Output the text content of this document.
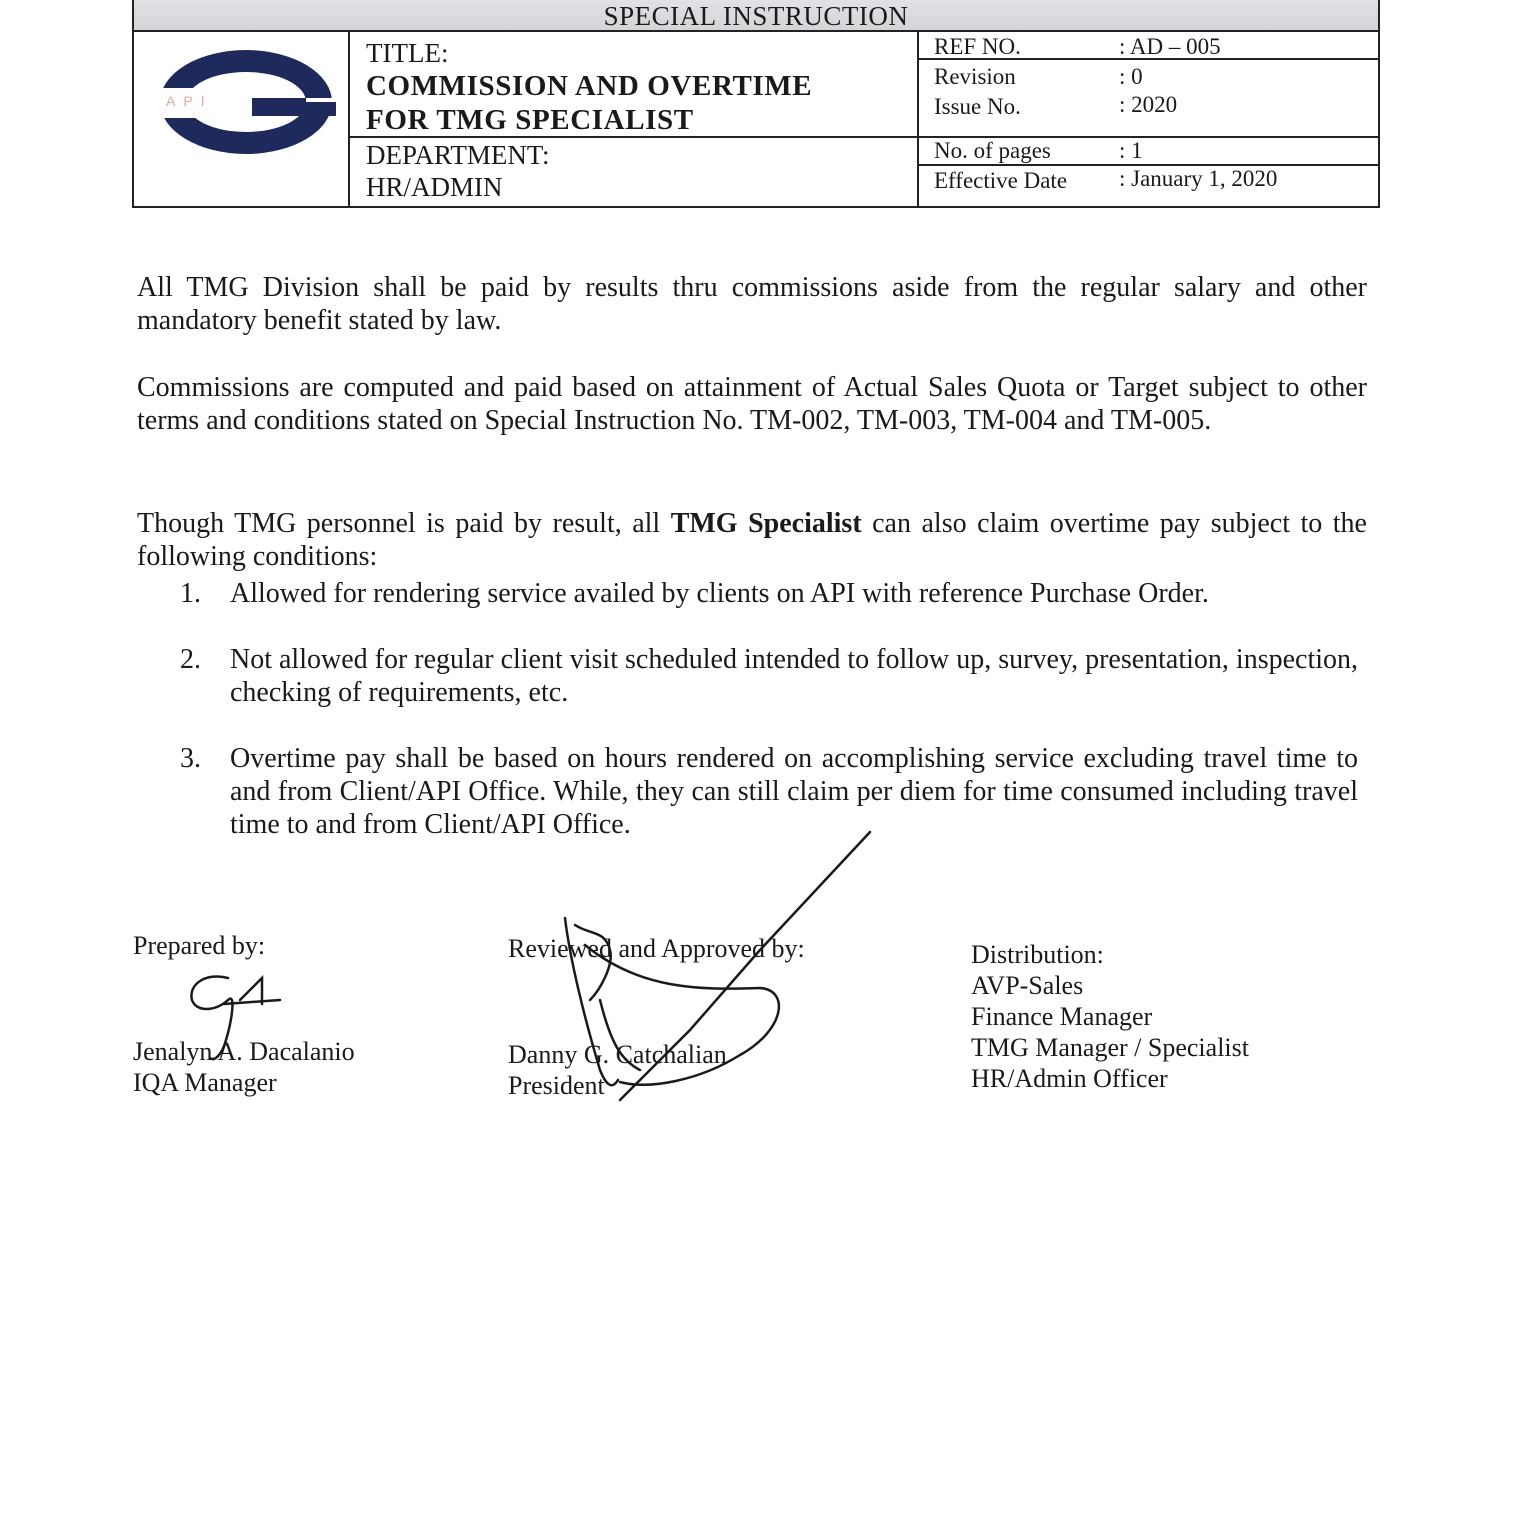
SPECIAL INSTRUCTION
API
TITLE:
COMMISSION AND OVERTIME
FOR TMG SPECIALIST
DEPARTMENT:
HR/ADMIN
REF NO.	: AD – 005
Revision	: 0
Issue No.	: 2020
No. of pages	: 1
Effective Date : January 1, 2020
All TMG Division shall be paid by results thru commissions aside from the regular salary and other mandatory benefit stated by law.
Commissions are computed and paid based on attainment of Actual Sales Quota or Target subject to other terms and conditions stated on Special Instruction No. TM-002, TM-003, TM-004 and TM-005.
Though TMG personnel is paid by result, all TMG Specialist can also claim overtime pay subject to the following conditions:
1.	Allowed for rendering service availed by clients on API with reference Purchase Order.
2.	Not allowed for regular client visit scheduled intended to follow up, survey, presentation, inspection, checking of requirements, etc.
3.	Overtime pay shall be based on hours rendered on accomplishing service excluding travel time to and from Client/API Office. While, they can still claim per diem for time consumed including travel time to and from Client/API Office.
Prepared by:
Jenalyn A. Dacalanio
IQA Manager
Reviewed and Approved by:
Danny G. Catchalian
President
Distribution:
AVP-Sales
Finance Manager
TMG Manager / Specialist
HR/Admin Officer
